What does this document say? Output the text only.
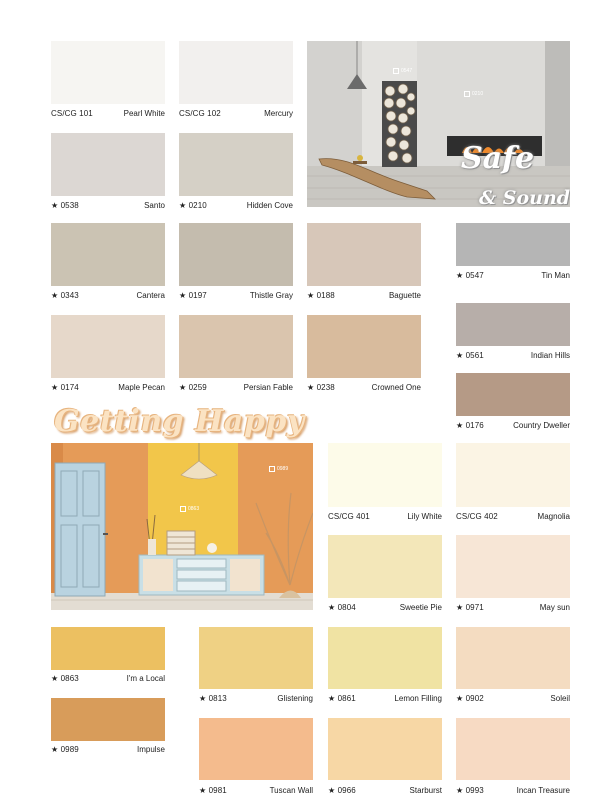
CS/CG 101	Pearl White CS/CG 102	Mercury
0547
0210
Safe
& Sound
★ 0538	Santo ★ 0210	Hidden Cove
★ 0343	Cantera ★ 0197	Thistle Gray ★ 0188	Baguette
★ 0547	Tin Man
★ 0174	Maple Pecan ★ 0259	Persian Fable ★ 0238	Crowned One
★ 0561	Indian Hills
★ 0176	Country Dweller
Getting Happy
0989
0863
CS/CG 401	Lily White CS/CG 402	Magnolia
★ 0804	Sweetie Pie ★ 0971	May sun
★ 0863	I'm a Local
★ 0813	Glistening ★ 0861	Lemon Filling ★ 0902	Soleil
★ 0989	Impulse
★ 0981	Tuscan Wall ★ 0966	Starburst ★ 0993	Incan Treasure
